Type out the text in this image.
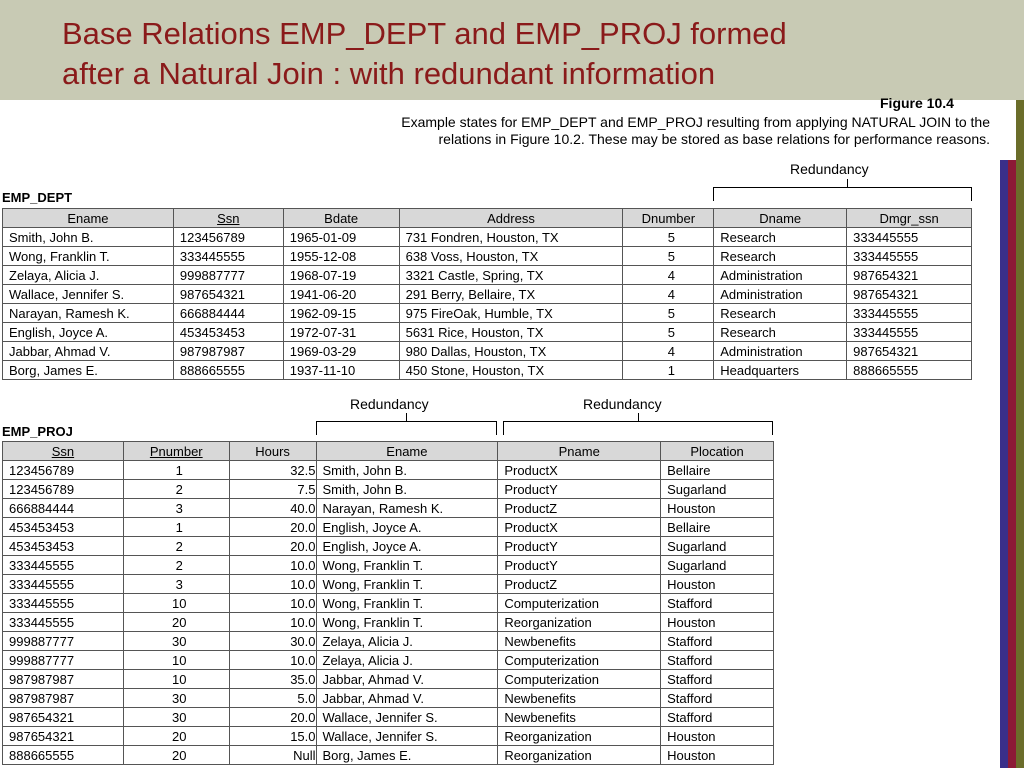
Base Relations EMP_DEPT and EMP_PROJ formed
after a Natural Join : with redundant information
Figure 10.4
Example states for EMP_DEPT and EMP_PROJ resulting from applying NATURAL JOIN to the
relations in Figure 10.2. These may be stored as base relations for performance reasons.
Redundancy
EMP_DEPT
Ename	Ssn	Bdate	Address	Dnumber	Dname	Dmgr_ssn
Smith, John B.	123456789	1965-01-09	731 Fondren, Houston, TX	5	Research	333445555
Wong, Franklin T.	333445555	1955-12-08	638 Voss, Houston, TX	5	Research	333445555
Zelaya, Alicia J.	999887777	1968-07-19	3321 Castle, Spring, TX	4	Administration	987654321
Wallace, Jennifer S.	987654321	1941-06-20	291 Berry, Bellaire, TX	4	Administration	987654321
Narayan, Ramesh K.	666884444	1962-09-15	975 FireOak, Humble, TX	5	Research	333445555
English, Joyce A.	453453453	1972-07-31	5631 Rice, Houston, TX	5	Research	333445555
Jabbar, Ahmad V.	987987987	1969-03-29	980 Dallas, Houston, TX	4	Administration	987654321
Borg, James E.	888665555	1937-11-10	450 Stone, Houston, TX	1	Headquarters	888665555
Redundancy	Redundancy
EMP_PROJ
Ssn	Pnumber	Hours	Ename	Pname	Plocation
123456789	1	32.5	Smith, John B.	ProductX	Bellaire
123456789	2	7.5	Smith, John B.	ProductY	Sugarland
666884444	3	40.0	Narayan, Ramesh K.	ProductZ	Houston
453453453	1	20.0	English, Joyce A.	ProductX	Bellaire
453453453	2	20.0	English, Joyce A.	ProductY	Sugarland
333445555	2	10.0	Wong, Franklin T.	ProductY	Sugarland
333445555	3	10.0	Wong, Franklin T.	ProductZ	Houston
333445555	10	10.0	Wong, Franklin T.	Computerization	Stafford
333445555	20	10.0	Wong, Franklin T.	Reorganization	Houston
999887777	30	30.0	Zelaya, Alicia J.	Newbenefits	Stafford
999887777	10	10.0	Zelaya, Alicia J.	Computerization	Stafford
987987987	10	35.0	Jabbar, Ahmad V.	Computerization	Stafford
987987987	30	5.0	Jabbar, Ahmad V.	Newbenefits	Stafford
987654321	30	20.0	Wallace, Jennifer S.	Newbenefits	Stafford
987654321	20	15.0	Wallace, Jennifer S.	Reorganization	Houston
888665555	20	Null	Borg, James E.	Reorganization	Houston
